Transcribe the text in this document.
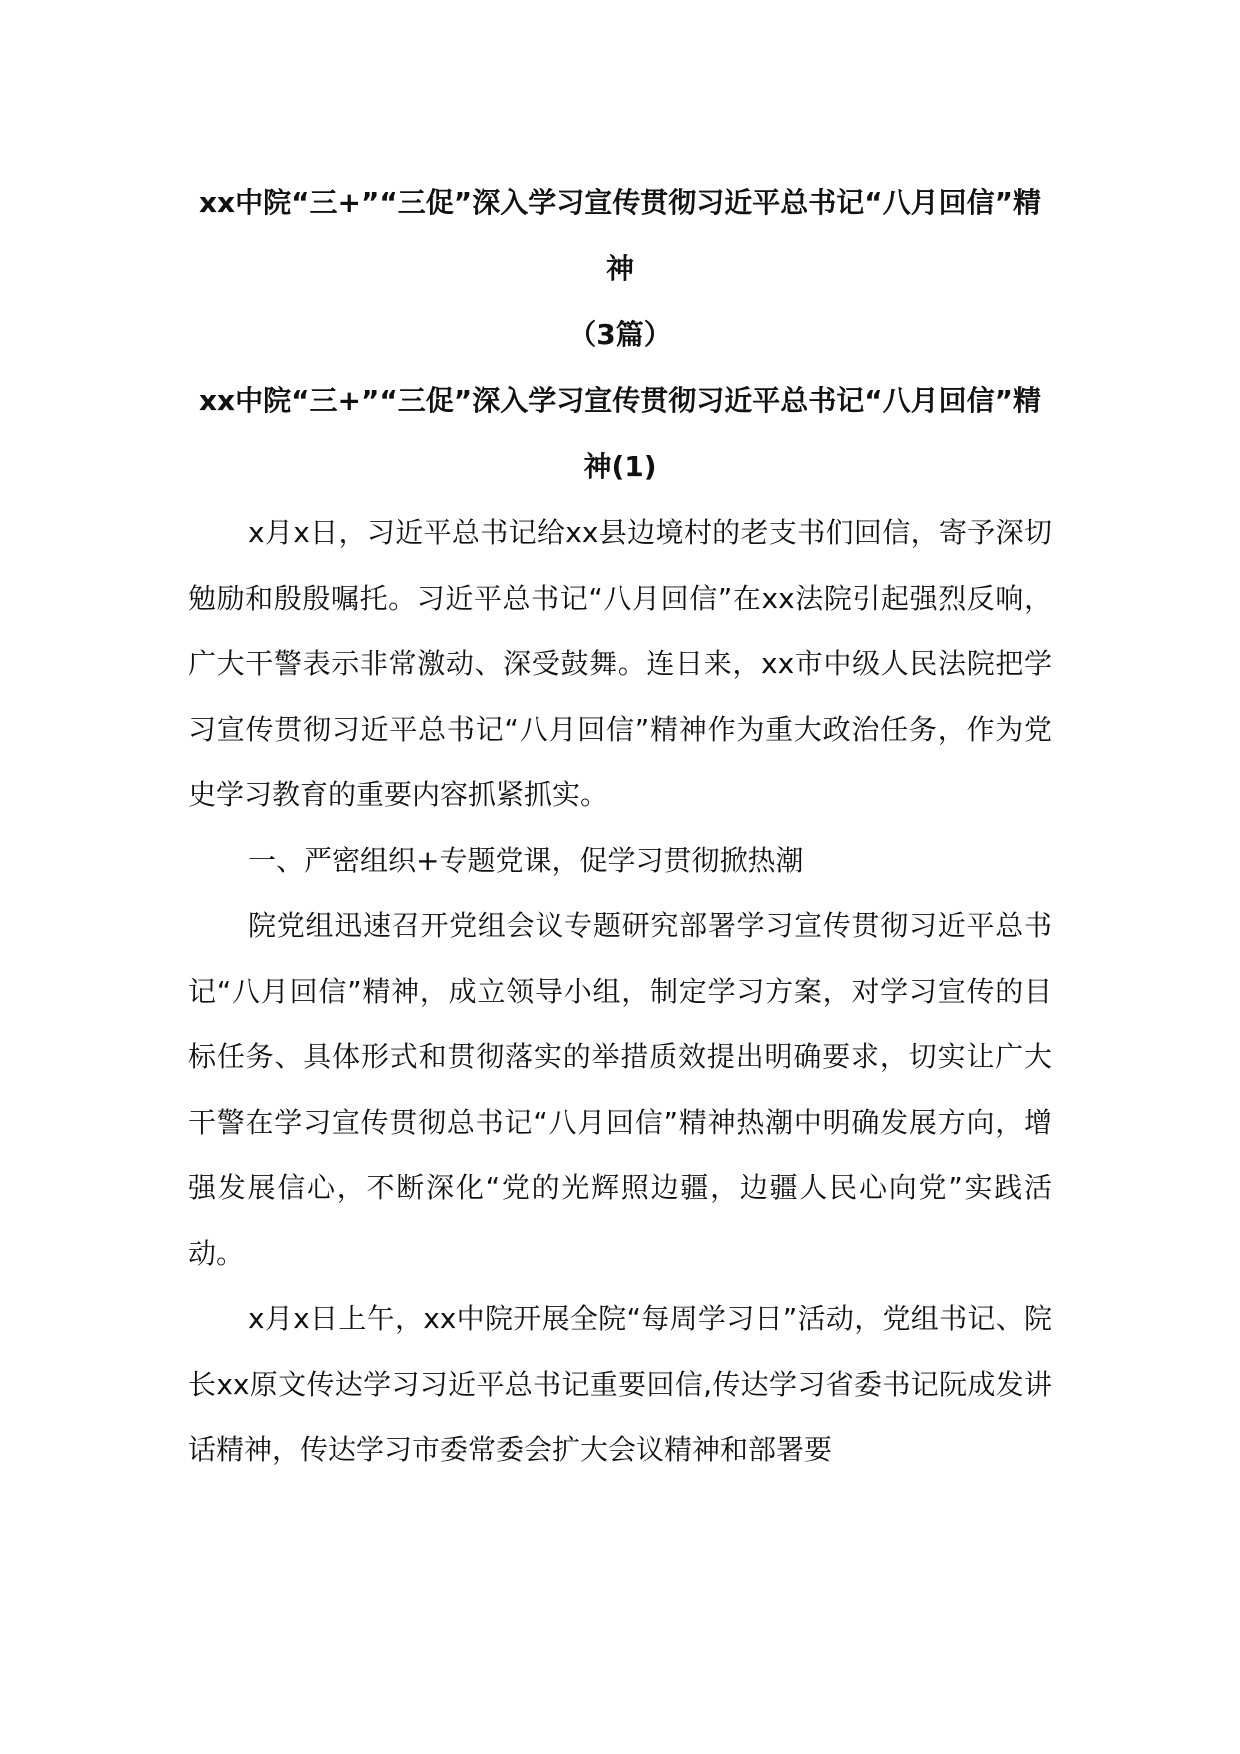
xx中院“三+”“三促”深入学习宣传贯彻习近平总书记“八月回信”精神

（3篇）

xx中院“三+”“三促”深入学习宣传贯彻习近平总书记“八月回信”精神(1)

x月x日，习近平总书记给xx县边境村的老支书们回信，寄予深切勉励和殷殷嘱托。习近平总书记“八月回信”在xx法院引起强烈反响，广大干警表示非常激动、深受鼓舞。连日来，xx市中级人民法院把学习宣传贯彻习近平总书记“八月回信”精神作为重大政治任务，作为党史学习教育的重要内容抓紧抓实。

一、严密组织+专题党课，促学习贯彻掀热潮

院党组迅速召开党组会议专题研究部署学习宣传贯彻习近平总书记“八月回信”精神，成立领导小组，制定学习方案，对学习宣传的目标任务、具体形式和贯彻落实的举措质效提出明确要求，切实让广大干警在学习宣传贯彻总书记“八月回信”精神热潮中明确发展方向，增强发展信心，不断深化“党的光辉照边疆，边疆人民心向党”实践活动。

x月x日上午，xx中院开展全院“每周学习日”活动，党组书记、院长xx原文传达学习习近平总书记重要回信,传达学习省委书记阮成发讲话精神，传达学习市委常委会扩大会议精神和部署要
